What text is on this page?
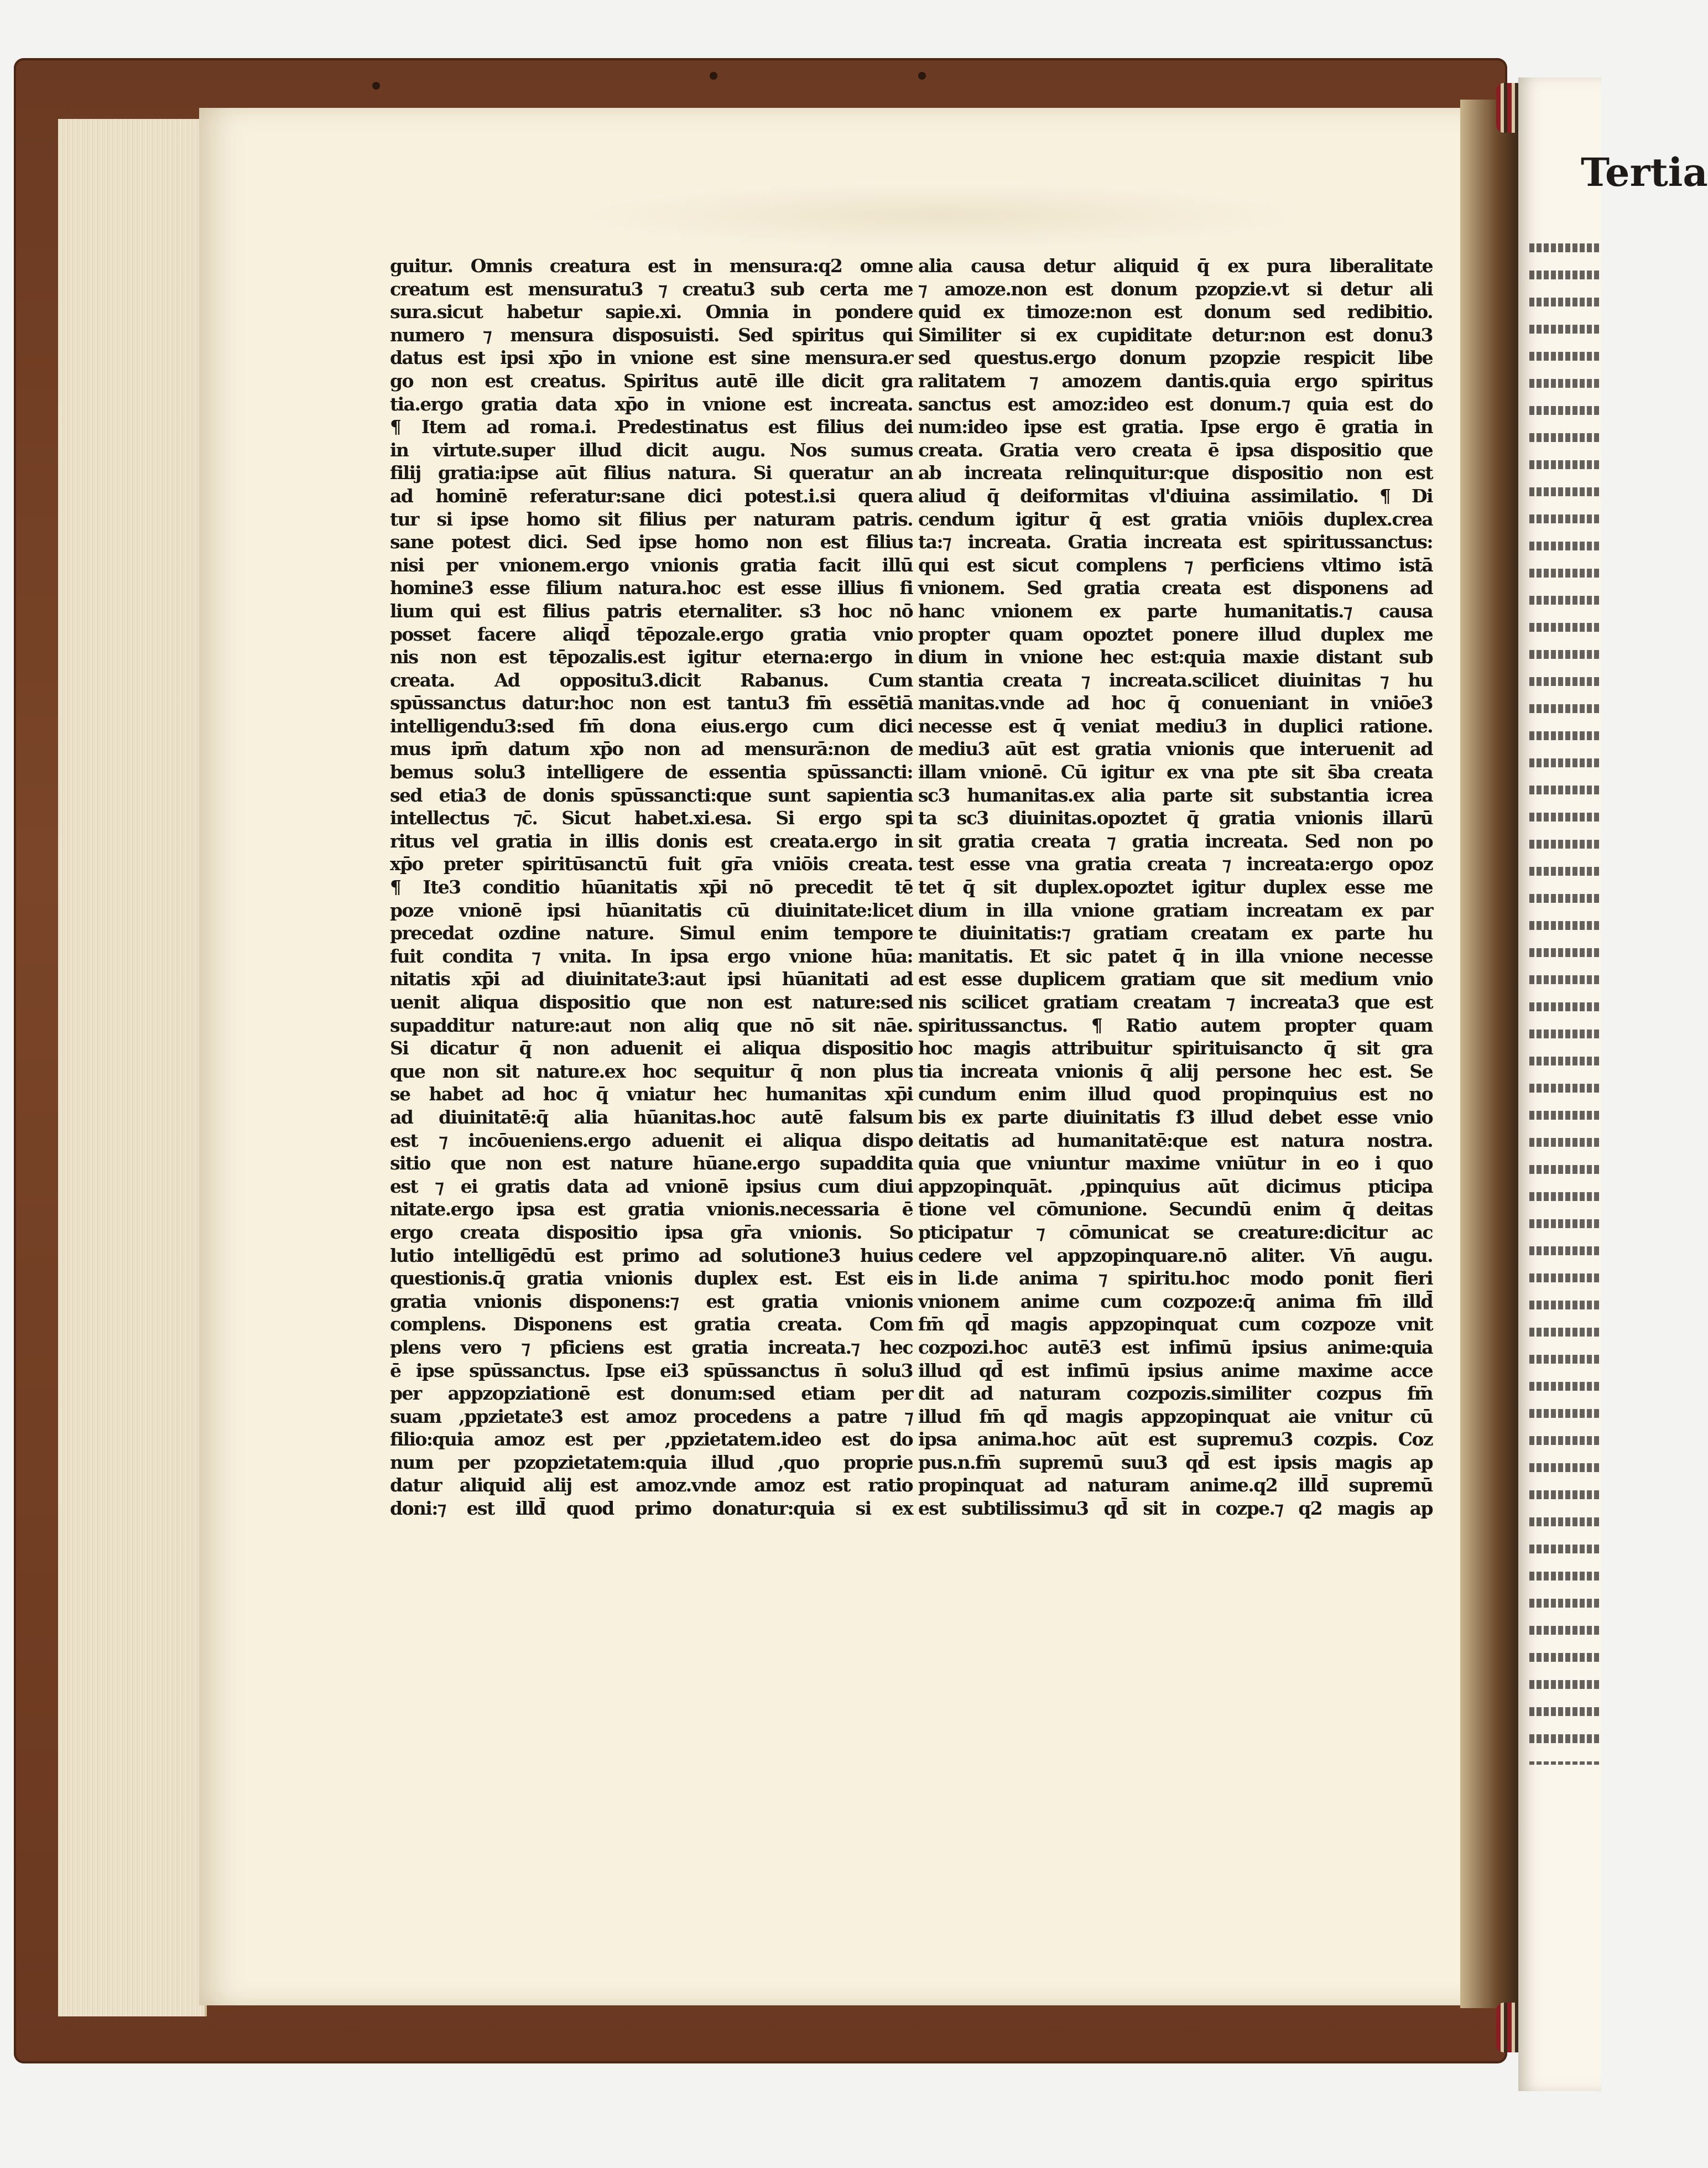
Tertia
guitur. Omnis creatura est in mensura:q2 omne
creatum est mensuratu3 ⁊ creatu3 sub certa me
sura.sicut habetur sapie.xi. Omnia in pondere
numero ⁊ mensura disposuisti. Sed spiritus qui
datus est ipsi xp̄o in vnione est sine mensura.er
go non est creatus. Spiritus autē ille dicit gra
tia.ergo gratia data xp̄o in vnione est increata.
¶ Item ad roma.i. Predestinatus est filius dei
in virtute.super illud dicit augu. Nos sumus
filij gratia:ipse aūt filius natura. Si queratur an
ad hominē referatur:sane dici potest.i.si quera
tur si ipse homo sit filius per naturam patris.
sane potest dici. Sed ipse homo non est filius
nisi per vnionem.ergo vnionis gratia facit illū
homine3 esse filium natura.hoc est esse illius fi
lium qui est filius patris eternaliter. s3 hoc nō
posset facere aliqd̄ tēpozale.ergo gratia vnio
nis non est tēpozalis.est igitur eterna:ergo in
creata. Ad oppositu3.dicit Rabanus. Cum
spūssanctus datur:hoc non est tantu3 fm̄ essētiā
intelligendu3:sed fm̄ dona eius.ergo cum dici
mus ipm̄ datum xp̄o non ad mensurā:non de
bemus solu3 intelligere de essentia spūssancti:
sed etia3 de donis spūssancti:que sunt sapientia
intellectus ⁊c̄. Sicut habet.xi.esa. Si ergo spi
ritus vel gratia in illis donis est creata.ergo in
xp̄o preter spiritūsanctū fuit gr̄a vniōis creata.
¶ Ite3 conditio hūanitatis xp̄i nō precedit tē
poze vnionē ipsi hūanitatis cū diuinitate:licet
precedat ozdine nature. Simul enim tempore
fuit condita ⁊ vnita. In ipsa ergo vnione hūa:
nitatis xp̄i ad diuinitate3:aut ipsi hūanitati ad
uenit aliqua dispositio que non est nature:sed
supadditur nature:aut non aliq que nō sit nāe.
Si dicatur q̄ non aduenit ei aliqua dispositio
que non sit nature.ex hoc sequitur q̄ non plus
se habet ad hoc q̄ vniatur hec humanitas xp̄i
ad diuinitatē:q̄ alia hūanitas.hoc autē falsum
est ⁊ incōueniens.ergo aduenit ei aliqua dispo
sitio que non est nature hūane.ergo supaddita
est ⁊ ei gratis data ad vnionē ipsius cum diui
nitate.ergo ipsa est gratia vnionis.necessaria ē
ergo creata dispositio ipsa gr̄a vnionis. So
lutio intelligēdū est primo ad solutione3 huius
questionis.q̄ gratia vnionis duplex est. Est eis
gratia vnionis disponens:⁊ est gratia vnionis
complens. Disponens est gratia creata. Com
plens vero ⁊ pficiens est gratia increata.⁊ hec
ē ipse spūssanctus. Ipse ei3 spūssanctus n̄ solu3
per appzopziationē est donum:sed etiam per
suam ,ppzietate3 est amoz procedens a patre ⁊
filio:quia amoz est per ,ppzietatem.ideo est do
num per pzopzietatem:quia illud ,quo proprie
datur aliquid alij est amoz.vnde amoz est ratio
doni:⁊ est illd̄ quod primo donatur:quia si ex
alia causa detur aliquid q̄ ex pura liberalitate
⁊ amoze.non est donum pzopzie.vt si detur ali
quid ex timoze:non est donum sed redibitio.
Similiter si ex cupiditate detur:non est donu3
sed questus.ergo donum pzopzie respicit libe
ralitatem ⁊ amozem dantis.quia ergo spiritus
sanctus est amoz:ideo est donum.⁊ quia est do
num:ideo ipse est gratia. Ipse ergo ē gratia in
creata. Gratia vero creata ē ipsa dispositio que
ab increata relinquitur:que dispositio non est
aliud q̄ deiformitas vl'diuina assimilatio. ¶ Di
cendum igitur q̄ est gratia vniōis duplex.crea
ta:⁊ increata. Gratia increata est spiritussanctus:
qui est sicut complens ⁊ perficiens vltimo istā
vnionem. Sed gratia creata est disponens ad
hanc vnionem ex parte humanitatis.⁊ causa
propter quam opoztet ponere illud duplex me
dium in vnione hec est:quia maxie distant sub
stantia creata ⁊ increata.scilicet diuinitas ⁊ hu
manitas.vnde ad hoc q̄ conueniant in vniōe3
necesse est q̄ veniat mediu3 in duplici ratione.
mediu3 aūt est gratia vnionis que interuenit ad
illam vnionē. Cū igitur ex vna pte sit s̄ba creata
sc3 humanitas.ex alia parte sit substantia icrea
ta sc3 diuinitas.opoztet q̄ gratia vnionis illarū
sit gratia creata ⁊ gratia increata. Sed non po
test esse vna gratia creata ⁊ increata:ergo opoz
tet q̄ sit duplex.opoztet igitur duplex esse me
dium in illa vnione gratiam increatam ex par
te diuinitatis:⁊ gratiam creatam ex parte hu
manitatis. Et sic patet q̄ in illa vnione necesse
est esse duplicem gratiam que sit medium vnio
nis scilicet gratiam creatam ⁊ increata3 que est
spiritussanctus. ¶ Ratio autem propter quam
hoc magis attribuitur spirituisancto q̄ sit gra
tia increata vnionis q̄ alij persone hec est. Se
cundum enim illud quod propinquius est no
bis ex parte diuinitatis f3 illud debet esse vnio
deitatis ad humanitatē:que est natura nostra.
quia que vniuntur maxime vniūtur in eo i quo
appzopinquāt. ,ppinquius aūt dicimus pticipa
tione vel cōmunione. Secundū enim q̄ deitas
pticipatur ⁊ cōmunicat se creature:dicitur ac
cedere vel appzopinquare.nō aliter. Vn̄ augu.
in li.de anima ⁊ spiritu.hoc modo ponit fieri
vnionem anime cum cozpoze:q̄ anima fm̄ illd̄
fm̄ qd̄ magis appzopinquat cum cozpoze vnit
cozpozi.hoc autē3 est infimū ipsius anime:quia
illud qd̄ est infimū ipsius anime maxime acce
dit ad naturam cozpozis.similiter cozpus fm̄
illud fm̄ qd̄ magis appzopinquat aie vnitur cū
ipsa anima.hoc aūt est supremu3 cozpis. Coz
pus.n.fm̄ supremū suu3 qd̄ est ipsis magis ap
propinquat ad naturam anime.q2 illd̄ supremū
est subtilissimu3 qd̄ sit in cozpe.⁊ q2 magis ap
